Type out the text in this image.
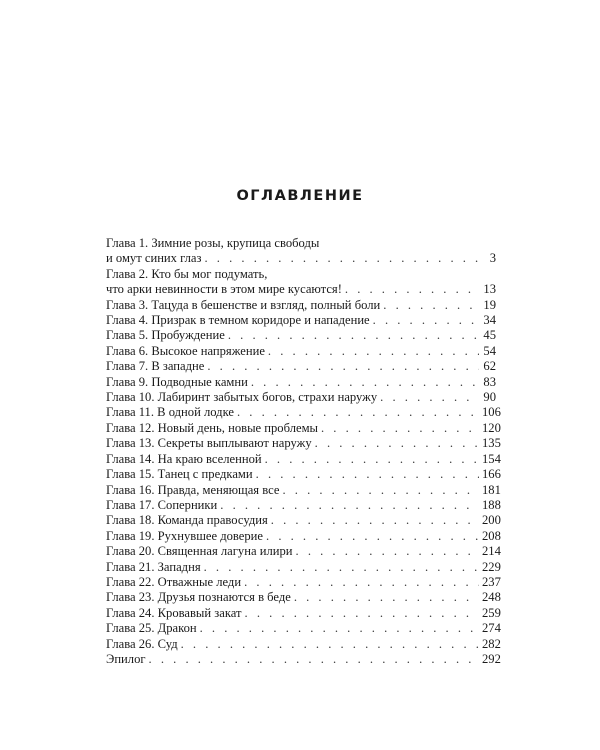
ОГЛАВЛЕНИЕ
Глава 1. Зимние розы, крупица свободы
и омут синих глаз . . .	3
Глава 2. Кто бы мог подумать,
что арки невинности в этом мире кусаются! . . .	13
Глава 3. Тацуда в бешенстве и взгляд, полный боли . . .	19
Глава 4. Призрак в темном коридоре и нападение . . .	34
Глава 5. Пробуждение . . .	45
Глава 6. Высокое напряжение . . .	54
Глава 7. В западне . . .	62
Глава 9. Подводные камни . . .	83
Глава 10. Лабиринт забытых богов, страхи наружу . . .	90
Глава 11. В одной лодке . . .	106
Глава 12. Новый день, новые проблемы . . .	120
Глава 13. Секреты выплывают наружу . . .	135
Глава 14. На краю вселенной . . .	154
Глава 15. Танец с предками . . .	166
Глава 16. Правда, меняющая все . . .	181
Глава 17. Соперники . . .	188
Глава 18. Команда правосудия . . .	200
Глава 19. Рухнувшее доверие . . .	208
Глава 20. Священная лагуна илири . . .	214
Глава 21. Западня . . .	229
Глава 22. Отважные леди . . .	237
Глава 23. Друзья познаются в беде . . .	248
Глава 24. Кровавый закат . . .	259
Глава 25. Дракон . . .	274
Глава 26. Суд . . .	282
Эпилог . . .	292
